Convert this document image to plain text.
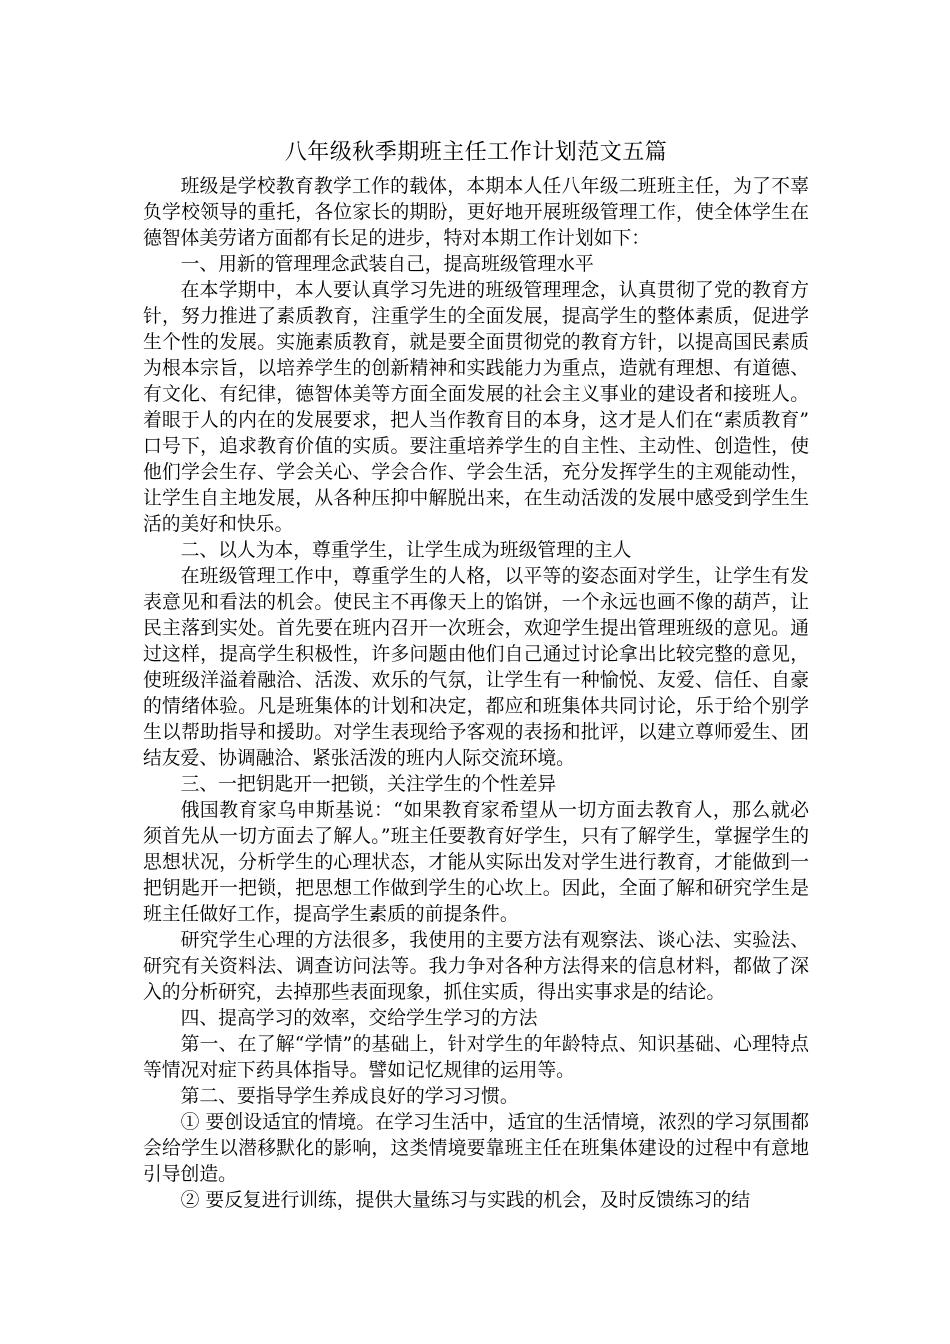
八年级秋季期班主任工作计划范文五篇

班级是学校教育教学工作的载体，本期本人任八年级二班班主任，为了不辜负学校领导的重托，各位家长的期盼，更好地开展班级管理工作，使全体学生在德智体美劳诸方面都有长足的进步，特对本期工作计划如下：

一、用新的管理理念武装自己，提高班级管理水平

在本学期中，本人要认真学习先进的班级管理理念，认真贯彻了党的教育方针，努力推进了素质教育，注重学生的全面发展，提高学生的整体素质，促进学生个性的发展。实施素质教育，就是要全面贯彻党的教育方针，以提高国民素质为根本宗旨，以培养学生的创新精神和实践能力为重点，造就有理想、有道德、有文化、有纪律，德智体美等方面全面发展的社会主义事业的建设者和接班人。着眼于人的内在的发展要求，把人当作教育目的本身，这才是人们在“素质教育”口号下，追求教育价值的实质。要注重培养学生的自主性、主动性、创造性，使他们学会生存、学会关心、学会合作、学会生活，充分发挥学生的主观能动性，让学生自主地发展，从各种压抑中解脱出来，在生动活泼的发展中感受到学生生活的美好和快乐。

二、以人为本，尊重学生，让学生成为班级管理的主人

在班级管理工作中，尊重学生的人格，以平等的姿态面对学生，让学生有发表意见和看法的机会。使民主不再像天上的馅饼，一个永远也画不像的葫芦，让民主落到实处。首先要在班内召开一次班会，欢迎学生提出管理班级的意见。通过这样，提高学生积极性，许多问题由他们自己通过讨论拿出比较完整的意见，使班级洋溢着融洽、活泼、欢乐的气氛，让学生有一种愉悦、友爱、信任、自豪的情绪体验。凡是班集体的计划和决定，都应和班集体共同讨论，乐于给个别学生以帮助指导和援助。对学生表现给予客观的表扬和批评，以建立尊师爱生、团结友爱、协调融洽、紧张活泼的班内人际交流环境。

三、一把钥匙开一把锁，关注学生的个性差异

俄国教育家乌申斯基说：“如果教育家希望从一切方面去教育人，那么就必须首先从一切方面去了解人。”班主任要教育好学生，只有了解学生，掌握学生的思想状况，分析学生的心理状态，才能从实际出发对学生进行教育，才能做到一把钥匙开一把锁，把思想工作做到学生的心坎上。因此，全面了解和研究学生是班主任做好工作，提高学生素质的前提条件。

研究学生心理的方法很多，我使用的主要方法有观察法、谈心法、实验法、研究有关资料法、调查访问法等。我力争对各种方法得来的信息材料，都做了深入的分析研究，去掉那些表面现象，抓住实质，得出实事求是的结论。

四、提高学习的效率，交给学生学习的方法

第一、在了解“学情”的基础上，针对学生的年龄特点、知识基础、心理特点等情况对症下药具体指导。譬如记忆规律的运用等。

第二、要指导学生养成良好的学习习惯。

① 要创设适宜的情境。在学习生活中，适宜的生活情境，浓烈的学习氛围都会给学生以潜移默化的影响，这类情境要靠班主任在班集体建设的过程中有意地引导创造。

② 要反复进行训练，提供大量练习与实践的机会，及时反馈练习的结
